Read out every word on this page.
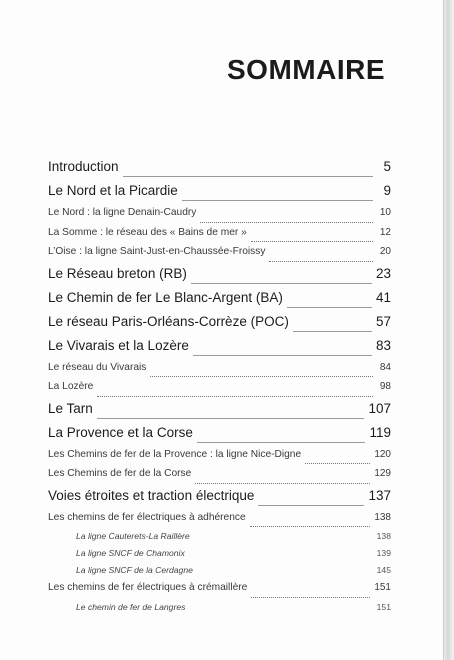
SOMMAIRE
Introduction	5
Le Nord et la Picardie	9
Le Nord : la ligne Denain-Caudry	10
La Somme : le réseau des « Bains de mer »	12
L’Oise : la ligne Saint-Just-en-Chaussée-Froissy	20
Le Réseau breton (RB)	23
Le Chemin de fer Le Blanc-Argent (BA)	41
Le réseau Paris-Orléans-Corrèze (POC)	57
Le Vivarais et la Lozère	83
Le réseau du Vivarais	84
La Lozère	98
Le Tarn	107
La Provence et la Corse	119
Les Chemins de fer de la Provence : la ligne Nice-Digne	120
Les Chemins de fer de la Corse	129
Voies étroites et traction électrique	137
Les chemins de fer électriques à adhérence	138
La ligne Cauterets-La Raillère	138
La ligne SNCF de Chamonix	139
La ligne SNCF de la Cerdagne	145
Les chemins de fer électriques à crémaillère	151
Le chemin de fer de Langres	151
